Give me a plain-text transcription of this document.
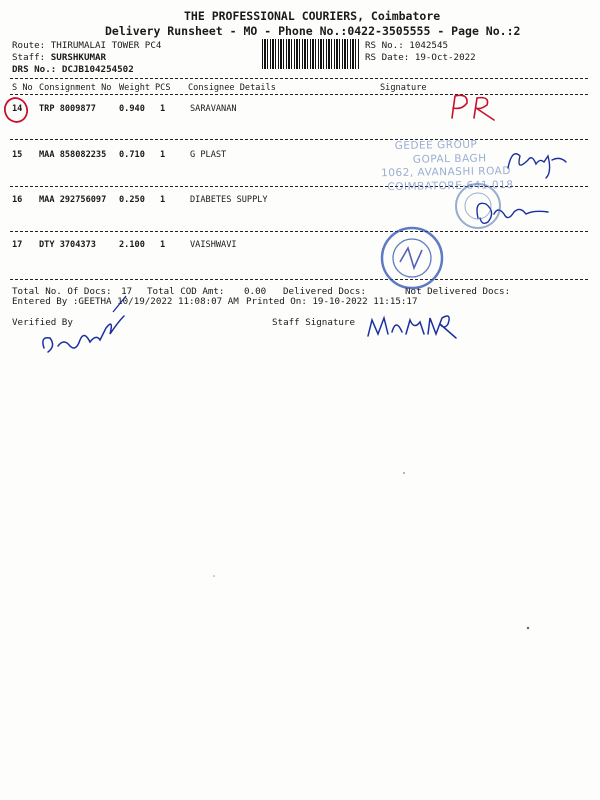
THE PROFESSIONAL COURIERS, Coimbatore
Delivery Runsheet - MO - Phone No.:0422-3505555 - Page No.:2
Route: THIRUMALAI TOWER PC4
Staff: SURSHKUMAR
DRS No.: DCJB104254502
RS No.: 1042545
RS Date: 19-Oct-2022
S No Consignment No Weight PCS Consignee Details	Signature
14 TRP 8009877	0.940 1	SARAVANAN
15 MAA 858082235 0.710 1	G PLAST
16 MAA 292756097 0.250 1	DIABETES SUPPLY
17 DTY 3704373	2.100 1	VAISHWAVI
Total No. Of Docs: 17 Total COD Amt: 0.00 Delivered Docs:	Not Delivered Docs:
Entered By :GEETHA 10/19/2022 11:08:07 AM Printed On: 19-10-2022 11:15:17
Verified By	Staff Signature
GEDEE GROUP
GOPAL BAGH
1062, AVANASHI ROAD
COIMBATORE-641 018
